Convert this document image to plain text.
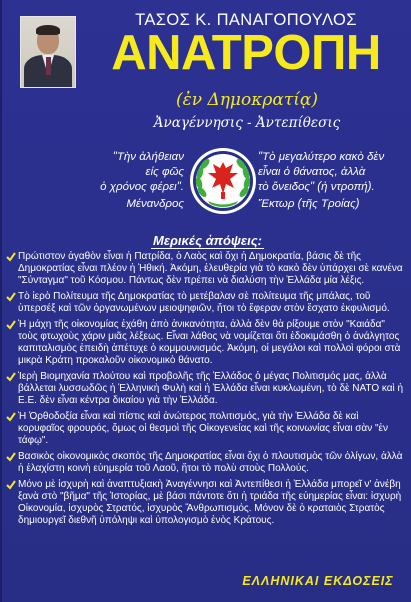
ΤΑΣΟΣ Κ. ΠΑΝΑΓΟΠΟΥΛΟΣ
ΑΝΑΤΡΟΠΗ
(ἐν Δημοκρατίᾳ)
Ἀναγέννησις - Ἀντεπίθεσις
"Τὴν ἀλήθειαν
εἰς φῶς
ὁ χρόνος φέρει".
Μένανδρος
"Τὸ μεγαλύτερο κακὸ δὲν
εἶναι ὁ θάνατος, ἀλλὰ
τὸ ὄνειδος" (ἡ ντροπή).
Ἕκτωρ (τῆς Τροίας)
Μερικές ἀπόψεις:
Πρώτιστον ἀγαθὸν εἶναι ἡ Πατρίδα, ὁ Λαὸς καὶ ὄχι ἡ Δημοκρατία, βάσις δὲ τῆς Δημοκρατίας εἶναι πλέον ἡ Ἠθική. Ἀκόμη, ἐλευθερία γιὰ τὸ κακὸ δὲν ὑπάρχει σὲ κανένα "Σύνταγμα" τοῦ Κόσμου. Πάντως δὲν πρέπει νὰ διαλύση τὴν Ἑλλάδα μία λέξις.
Τὸ ἱερὸ Πολίτευμα τῆς Δημοκρατίας τὸ μετέβαλαν σὲ πολίτευμα τῆς μπάλας, τοῦ ὑπερσέξ καὶ τῶν ὀργανωμένων μειοψηφιῶν, ἤτοι τὸ ἔφεραν στὸν ἔσχατο ἐκφυλισμό.
Ἡ μάχη τῆς οἰκονομίας ἐχάθη ἀπὸ ἀνικανότητα, ἀλλὰ δὲν θὰ ρίξουμε στὸν "Καιάδα" τοὺς φτωχοὺς χάριν μιᾶς λέξεως. Εἶναι λάθος νὰ νομίζεται ὅτι ἐδοκιμάσθη ὁ ἀνάλγητος καπιταλισμὸς ἐπειδὴ ἀπέτυχε ὁ κομμουνισμός. Ἀκόμη, οἱ μεγάλοι καὶ πολλοὶ φόροι στὰ μικρὰ Κράτη προκαλοῦν οἰκονομικὸ θάνατο.
Ἱερὴ Βιομηχανία πλούτου καὶ προβολῆς τῆς Ἑλλάδος ὁ μέγας Πολιτισμός μας, ἀλλὰ βάλλεται λυσσωδῶς ἡ Ἑλληνικὴ Φυλὴ καὶ ἡ Ἑλλάδα εἶναι κυκλωμένη, τὸ δὲ ΝΑΤΟ καὶ ἡ Ε.Ε. δὲν εἶναι κέντρα δικαίου γιὰ τὴν Ἑλλάδα.
Ἡ Ὀρθοδοξία εἶναι καὶ πίστις καὶ ἀνώτερος πολιτισμός, γιὰ τὴν Ἑλλάδα δὲ καὶ κορυφαῖος φρουρός, ὅμως οἱ θεσμοὶ τῆς Οἰκογενείας καὶ τῆς κοινωνίας εἶναι σὰν "ἐν τάφῳ".
Βασικὸς οἰκονομικὸς σκοπὸς τῆς Δημοκρατίας εἶναι ὄχι ὁ πλουτισμὸς τῶν ὀλίγων, ἀλλὰ ἡ ἐλαχίστη κοινὴ εὐημερία τοῦ Λαοῦ, ἤτοι τὸ πολὺ στοὺς Πολλούς.
Μόνο μὲ ἰσχυρὴ καὶ ἀναπτυξιακὴ Ἀναγέννησι καὶ Ἀντεπίθεσι ἡ Ἑλλάδα μπορεῖ ν' ἀνέβη ξανὰ στὸ "βῆμα" τῆς Ἱστορίας, μὲ βάσι πάντοτε ὅτι ἡ τριάδα τῆς εὐημερίας εἶναι: ἰσχυρὴ Οἰκονομία, ἰσχυρὸς Στρατός, ἰσχυρὸς Ἄνθρωπισμός. Μόνον δὲ ὁ κραταιὸς Στρατὸς δημιουργεῖ διεθνῆ ὑπόληψι καὶ ὑπολογισμὸ ἑνὸς Κράτους.
ΕΛΛΗΝΙΚΑΙ ΕΚΔΟΣΕΙΣ
